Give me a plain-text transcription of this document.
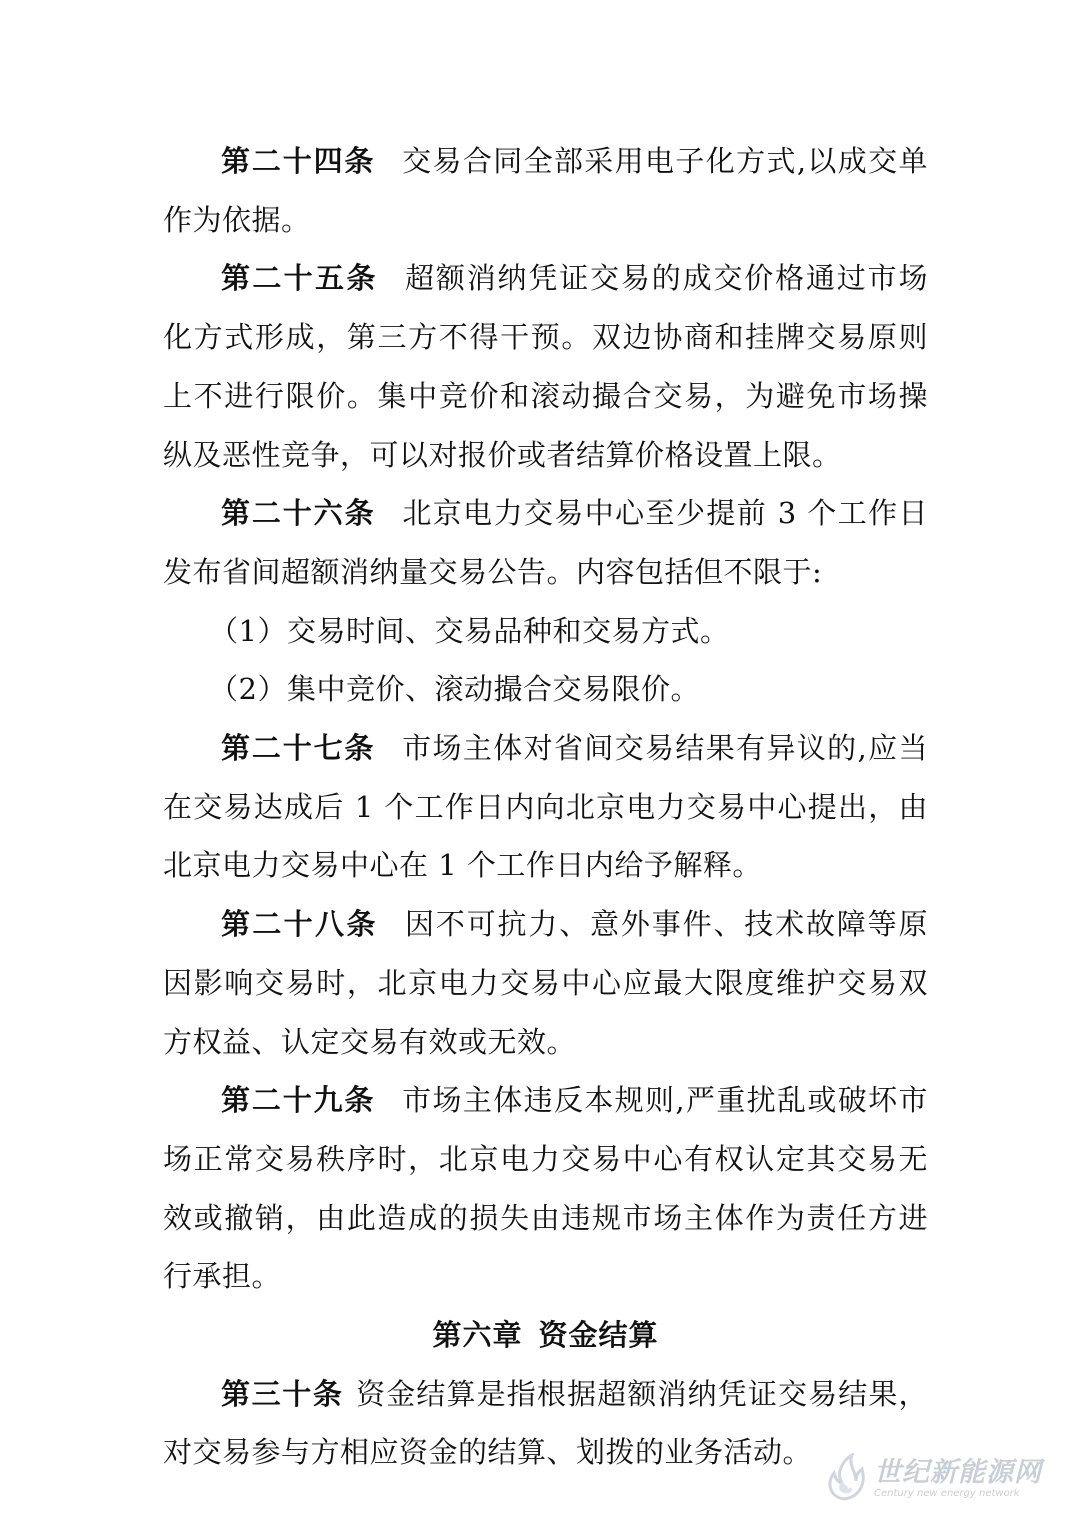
第二十四条 交易合同全部采用电子化方式,以成交单作为依据。

第二十五条 超额消纳凭证交易的成交价格通过市场化方式形成，第三方不得干预。双边协商和挂牌交易原则上不进行限价。集中竞价和滚动撮合交易，为避免市场操纵及恶性竞争，可以对报价或者结算价格设置上限。

第二十六条 北京电力交易中心至少提前 3 个工作日发布省间超额消纳量交易公告。内容包括但不限于:

（1）交易时间、交易品种和交易方式。

（2）集中竞价、滚动撮合交易限价。

第二十七条 市场主体对省间交易结果有异议的,应当在交易达成后 1 个工作日内向北京电力交易中心提出，由北京电力交易中心在 1 个工作日内给予解释。

第二十八条 因不可抗力、意外事件、技术故障等原因影响交易时，北京电力交易中心应最大限度维护交易双方权益、认定交易有效或无效。

第二十九条 市场主体违反本规则,严重扰乱或破坏市场正常交易秩序时，北京电力交易中心有权认定其交易无效或撤销，由此造成的损失由违规市场主体作为责任方进行承担。

第六章 资金结算

第三十条 资金结算是指根据超额消纳凭证交易结果，对交易参与方相应资金的结算、划拨的业务活动。

世纪新能源网
Century new energy network
